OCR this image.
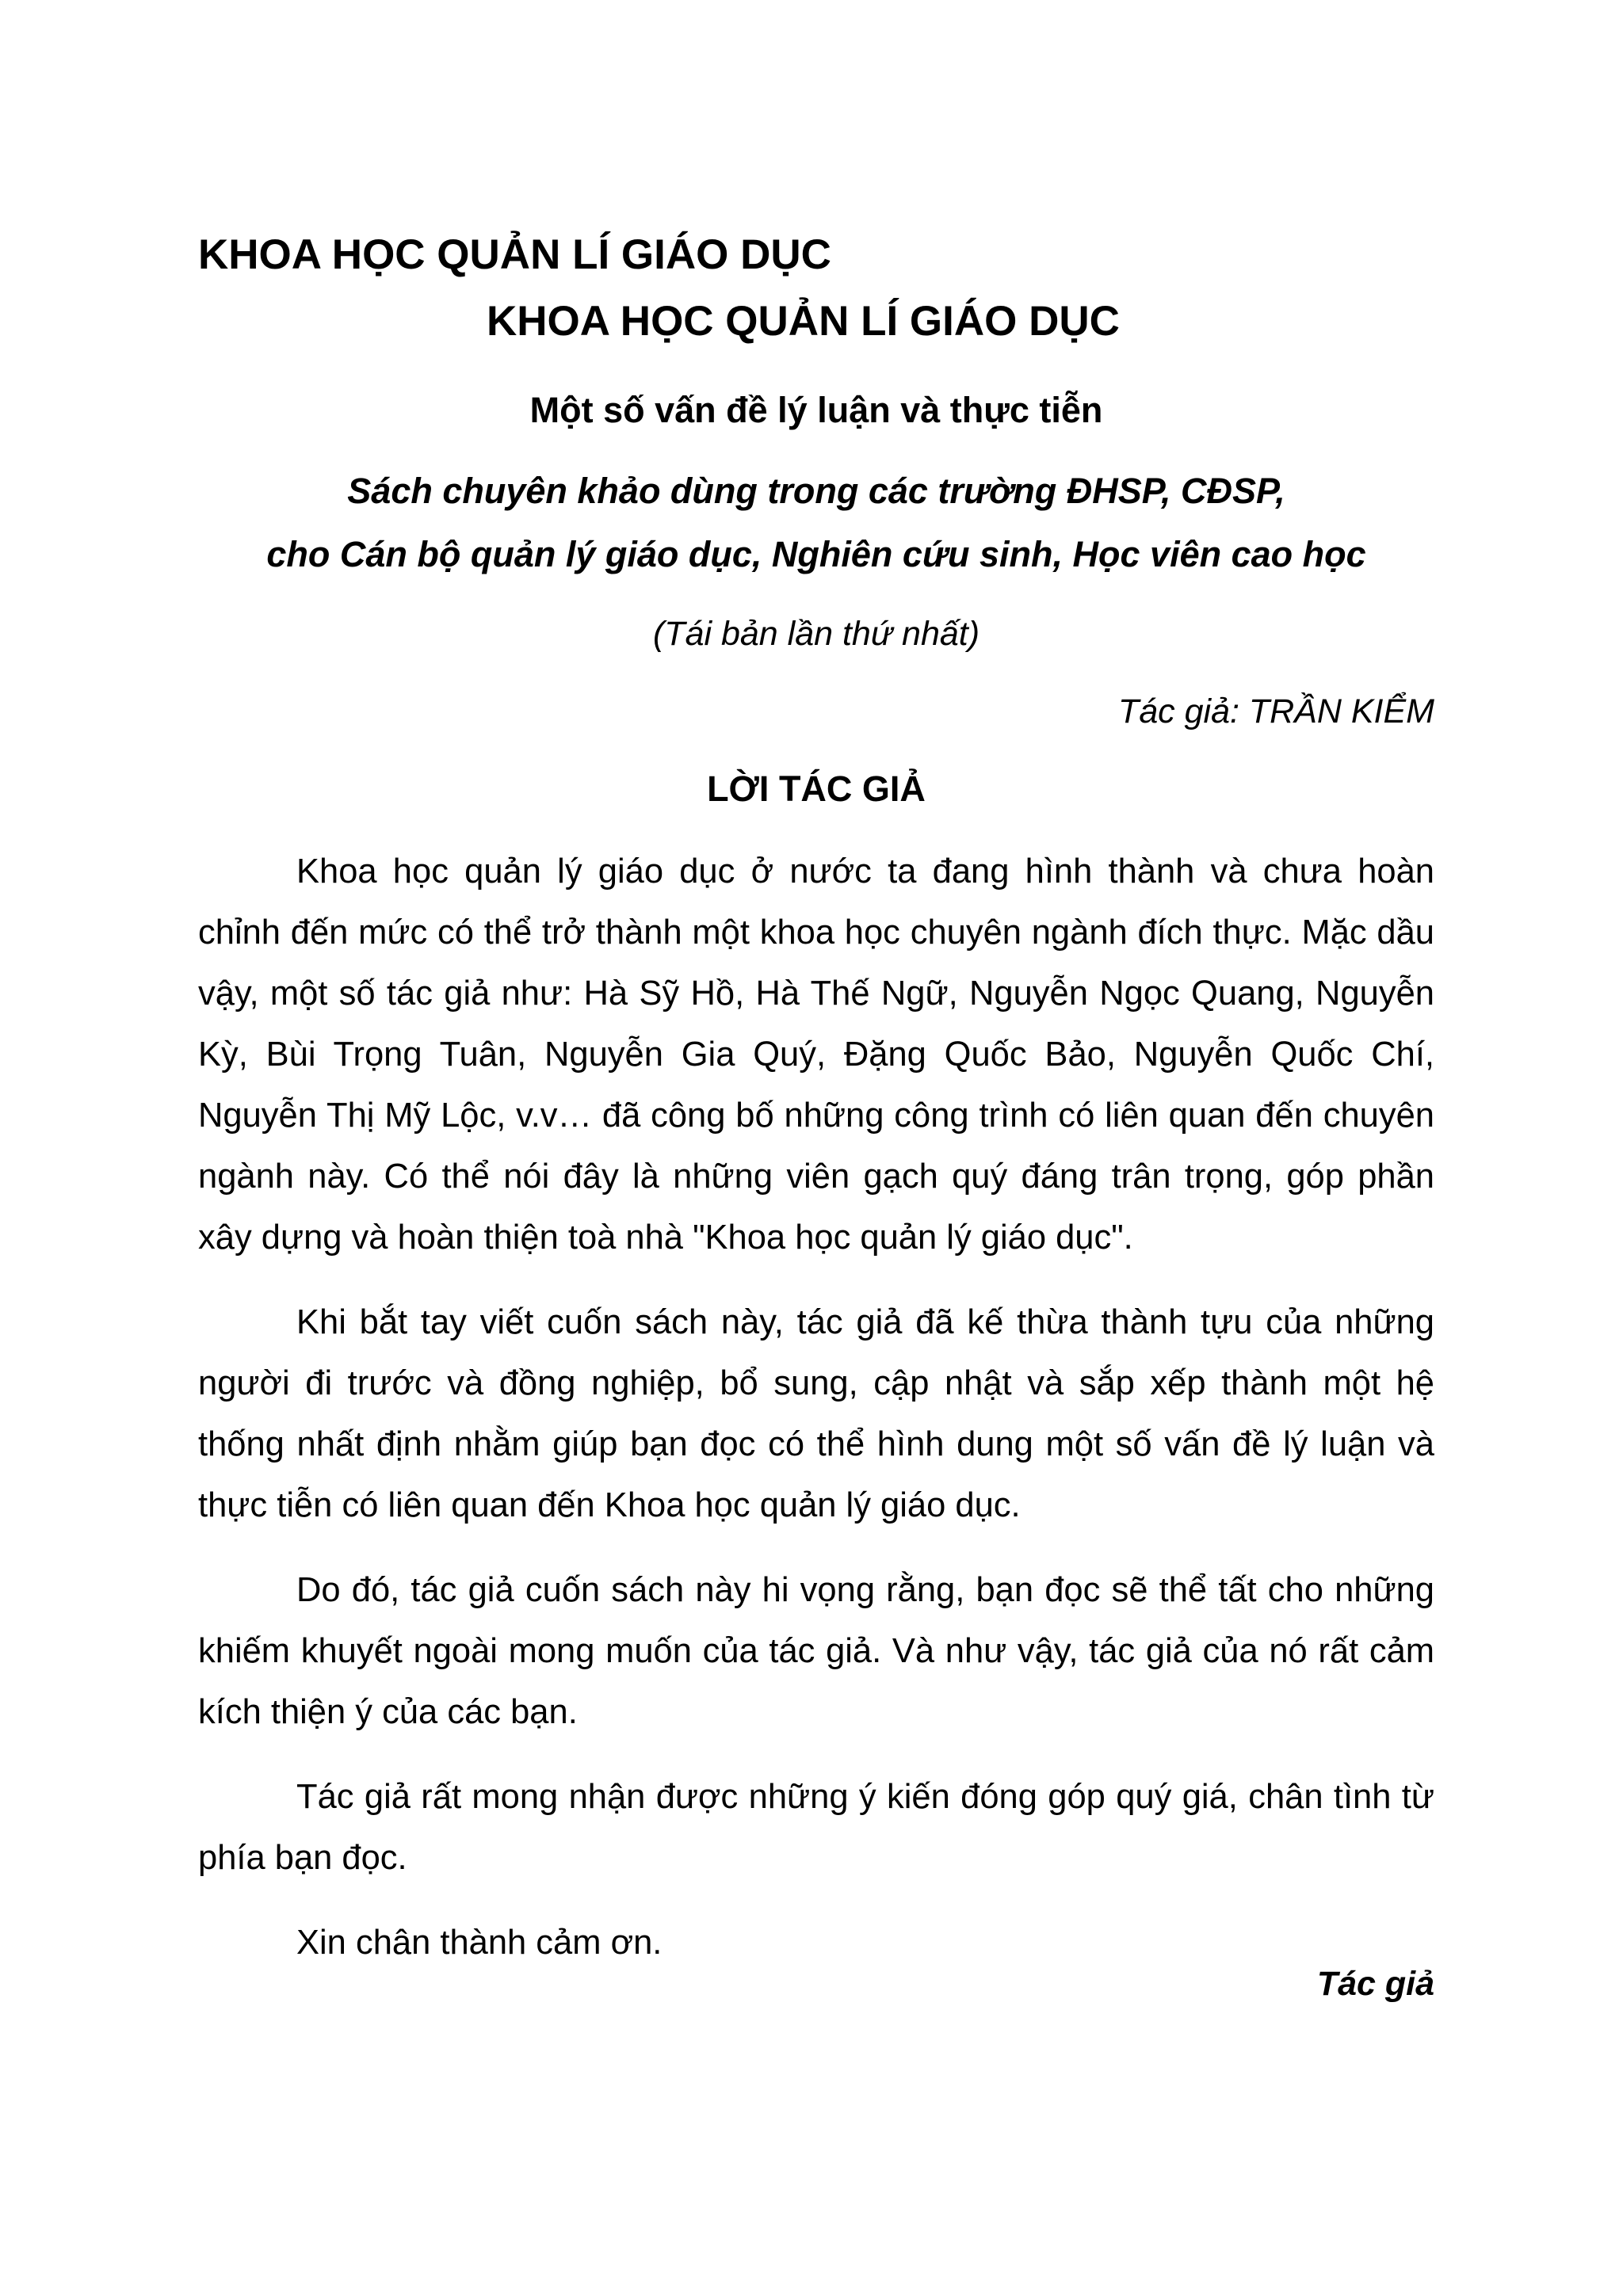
KHOA HỌC QUẢN LÍ GIÁO DỤC
KHOA HỌC QUẢN LÍ GIÁO DỤC
Một số vấn đề lý luận và thực tiễn
Sách chuyên khảo dùng trong các trường ĐHSP, CĐSP,
cho Cán bộ quản lý giáo dục, Nghiên cứu sinh, Học viên cao học
(Tái bản lần thứ nhất)
Tác giả: TRẦN KIỂM
LỜI TÁC GIẢ

Khoa học quản lý giáo dục ở nước ta đang hình thành và chưa hoàn chỉnh đến mức có thể trở thành một khoa học chuyên ngành đích thực. Mặc dầu vậy, một số tác giả như: Hà Sỹ Hồ, Hà Thế Ngữ, Nguyễn Ngọc Quang, Nguyễn Kỳ, Bùi Trọng Tuân, Nguyễn Gia Quý, Đặng Quốc Bảo, Nguyễn Quốc Chí, Nguyễn Thị Mỹ Lộc, v.v… đã công bố những công trình có liên quan đến chuyên ngành này. Có thể nói đây là những viên gạch quý đáng trân trọng, góp phần xây dựng và hoàn thiện toà nhà "Khoa học quản lý giáo dục".

Khi bắt tay viết cuốn sách này, tác giả đã kế thừa thành tựu của những người đi trước và đồng nghiệp, bổ sung, cập nhật và sắp xếp thành một hệ thống nhất định nhằm giúp bạn đọc có thể hình dung một số vấn đề lý luận và thực tiễn có liên quan đến Khoa học quản lý giáo dục.

Do đó, tác giả cuốn sách này hi vọng rằng, bạn đọc sẽ thể tất cho những khiếm khuyết ngoài mong muốn của tác giả. Và như vậy, tác giả của nó rất cảm kích thiện ý của các bạn.

Tác giả rất mong nhận được những ý kiến đóng góp quý giá, chân tình từ phía bạn đọc.

Xin chân thành cảm ơn.

Tác giả
